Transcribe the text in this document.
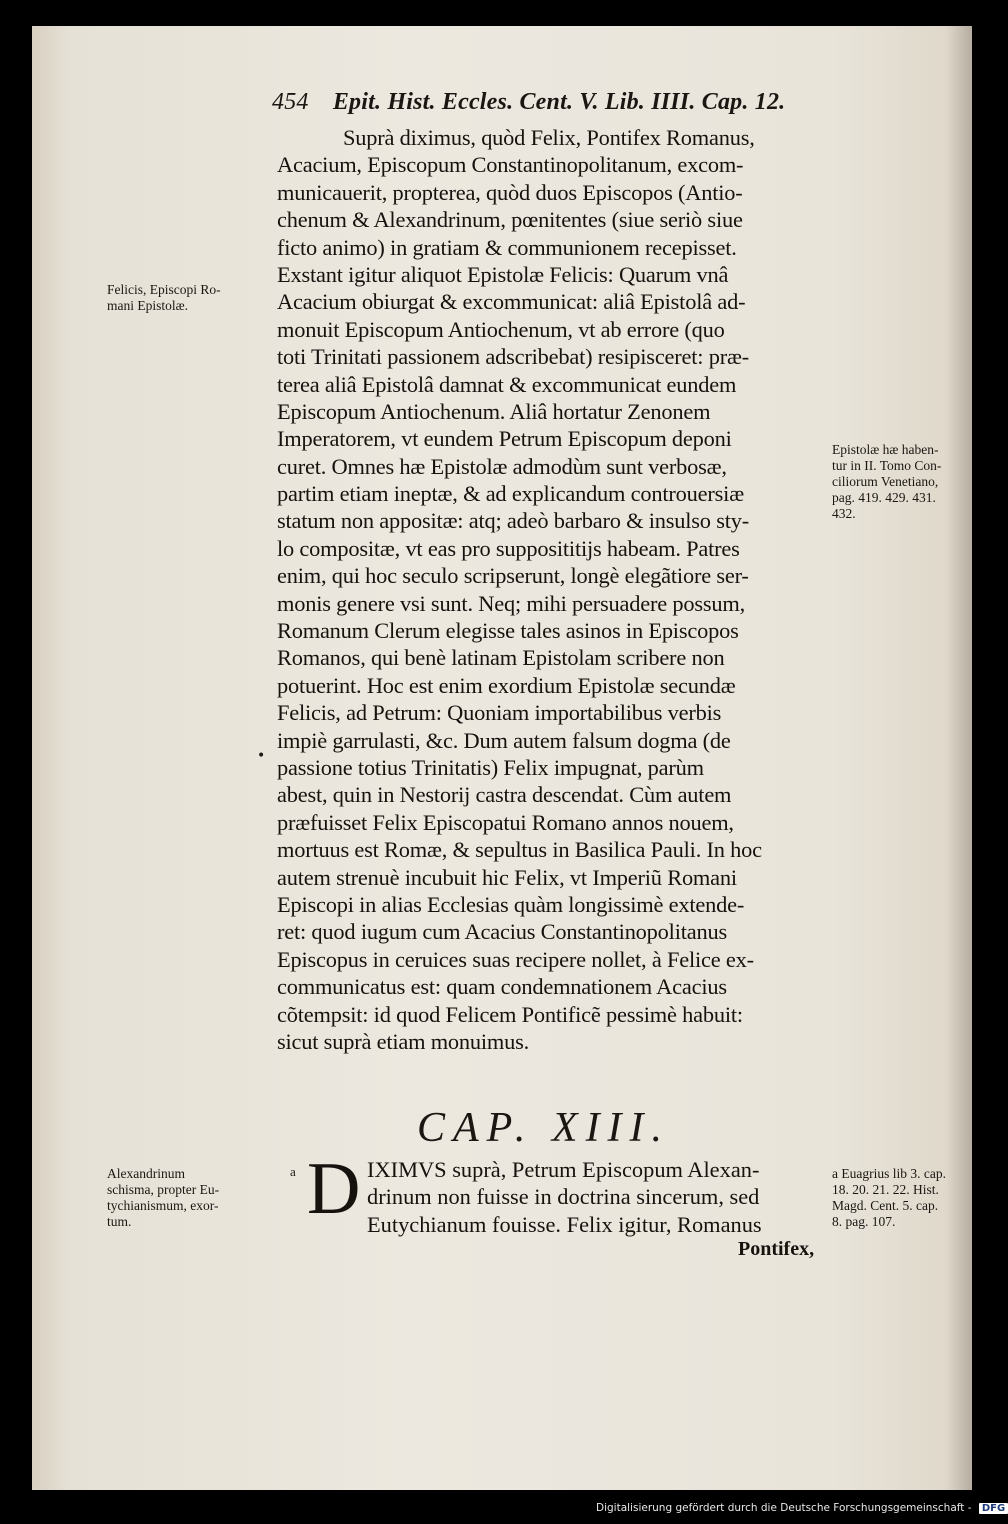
454 Epit. Hist. Eccles. Cent. V. Lib. IIII. Cap. 12.
Suprà diximus, quòd Felix, Pontifex Romanus,
Acacium, Episcopum Constantinopolitanum, excom-
municauerit, propterea, quòd duos Episcopos (Antio-
chenum & Alexandrinum, pœnitentes (siue seriò siue
ficto animo) in gratiam & communionem recepisset.
Exstant igitur aliquot Epistolæ Felicis: Quarum vnâ
Acacium obiurgat & excommunicat: aliâ Epistolâ ad-
monuit Episcopum Antiochenum, vt ab errore (quo
toti Trinitati passionem adscribebat) resipisceret: præ-
terea aliâ Epistolâ damnat & excommunicat eundem
Episcopum Antiochenum. Aliâ hortatur Zenonem
Imperatorem, vt eundem Petrum Episcopum deponi
curet. Omnes hæ Epistolæ admodùm sunt verbosæ,
partim etiam ineptæ, & ad explicandum controuersiæ
statum non appositæ: atq; adeò barbaro & insulso sty-
lo compositæ, vt eas pro supposititijs habeam. Patres
enim, qui hoc seculo scripserunt, longè elegãtiore ser-
monis genere vsi sunt. Neq; mihi persuadere possum,
Romanum Clerum elegisse tales asinos in Episcopos
Romanos, qui benè latinam Epistolam scribere non
potuerint. Hoc est enim exordium Epistolæ secundæ
Felicis, ad Petrum: Quoniam importabilibus verbis
impiè garrulasti, &c. Dum autem falsum dogma (de
passione totius Trinitatis) Felix impugnat, parùm
abest, quin in Nestorij castra descendat. Cùm autem
præfuisset Felix Episcopatui Romano annos nouem,
mortuus est Romæ, & sepultus in Basilica Pauli. In hoc
autem strenuè incubuit hic Felix, vt Imperiũ Romani
Episcopi in alias Ecclesias quàm longissimè extende-
ret: quod iugum cum Acacius Constantinopolitanus
Episcopus in ceruices suas recipere nollet, à Felice ex-
communicatus est: quam condemnationem Acacius
cõtempsit: id quod Felicem Pontificẽ pessimè habuit:
sicut suprà etiam monuimus.
Felicis, Episcopi Ro-
mani Epistolæ.
•
Epistolæ hæ haben-
tur in II. Tomo Con-
ciliorum Venetiano,
pag. 419. 429. 431.
432.
CAP. XIII.
Alexandrinum
schisma, propter Eu-
tychianismum, exor-
tum.
a D IXIMVS suprà, Petrum Episcopum Alexan-
drinum non fuisse in doctrina sincerum, sed
Eutychianum fouisse. Felix igitur, Romanus
Pontifex,
a Euagrius lib 3. cap.
18. 20. 21. 22. Hist.
Magd. Cent. 5. cap.
8. pag. 107.
Digitalisierung gefördert durch die Deutsche Forschungsgemeinschaft - DFG
